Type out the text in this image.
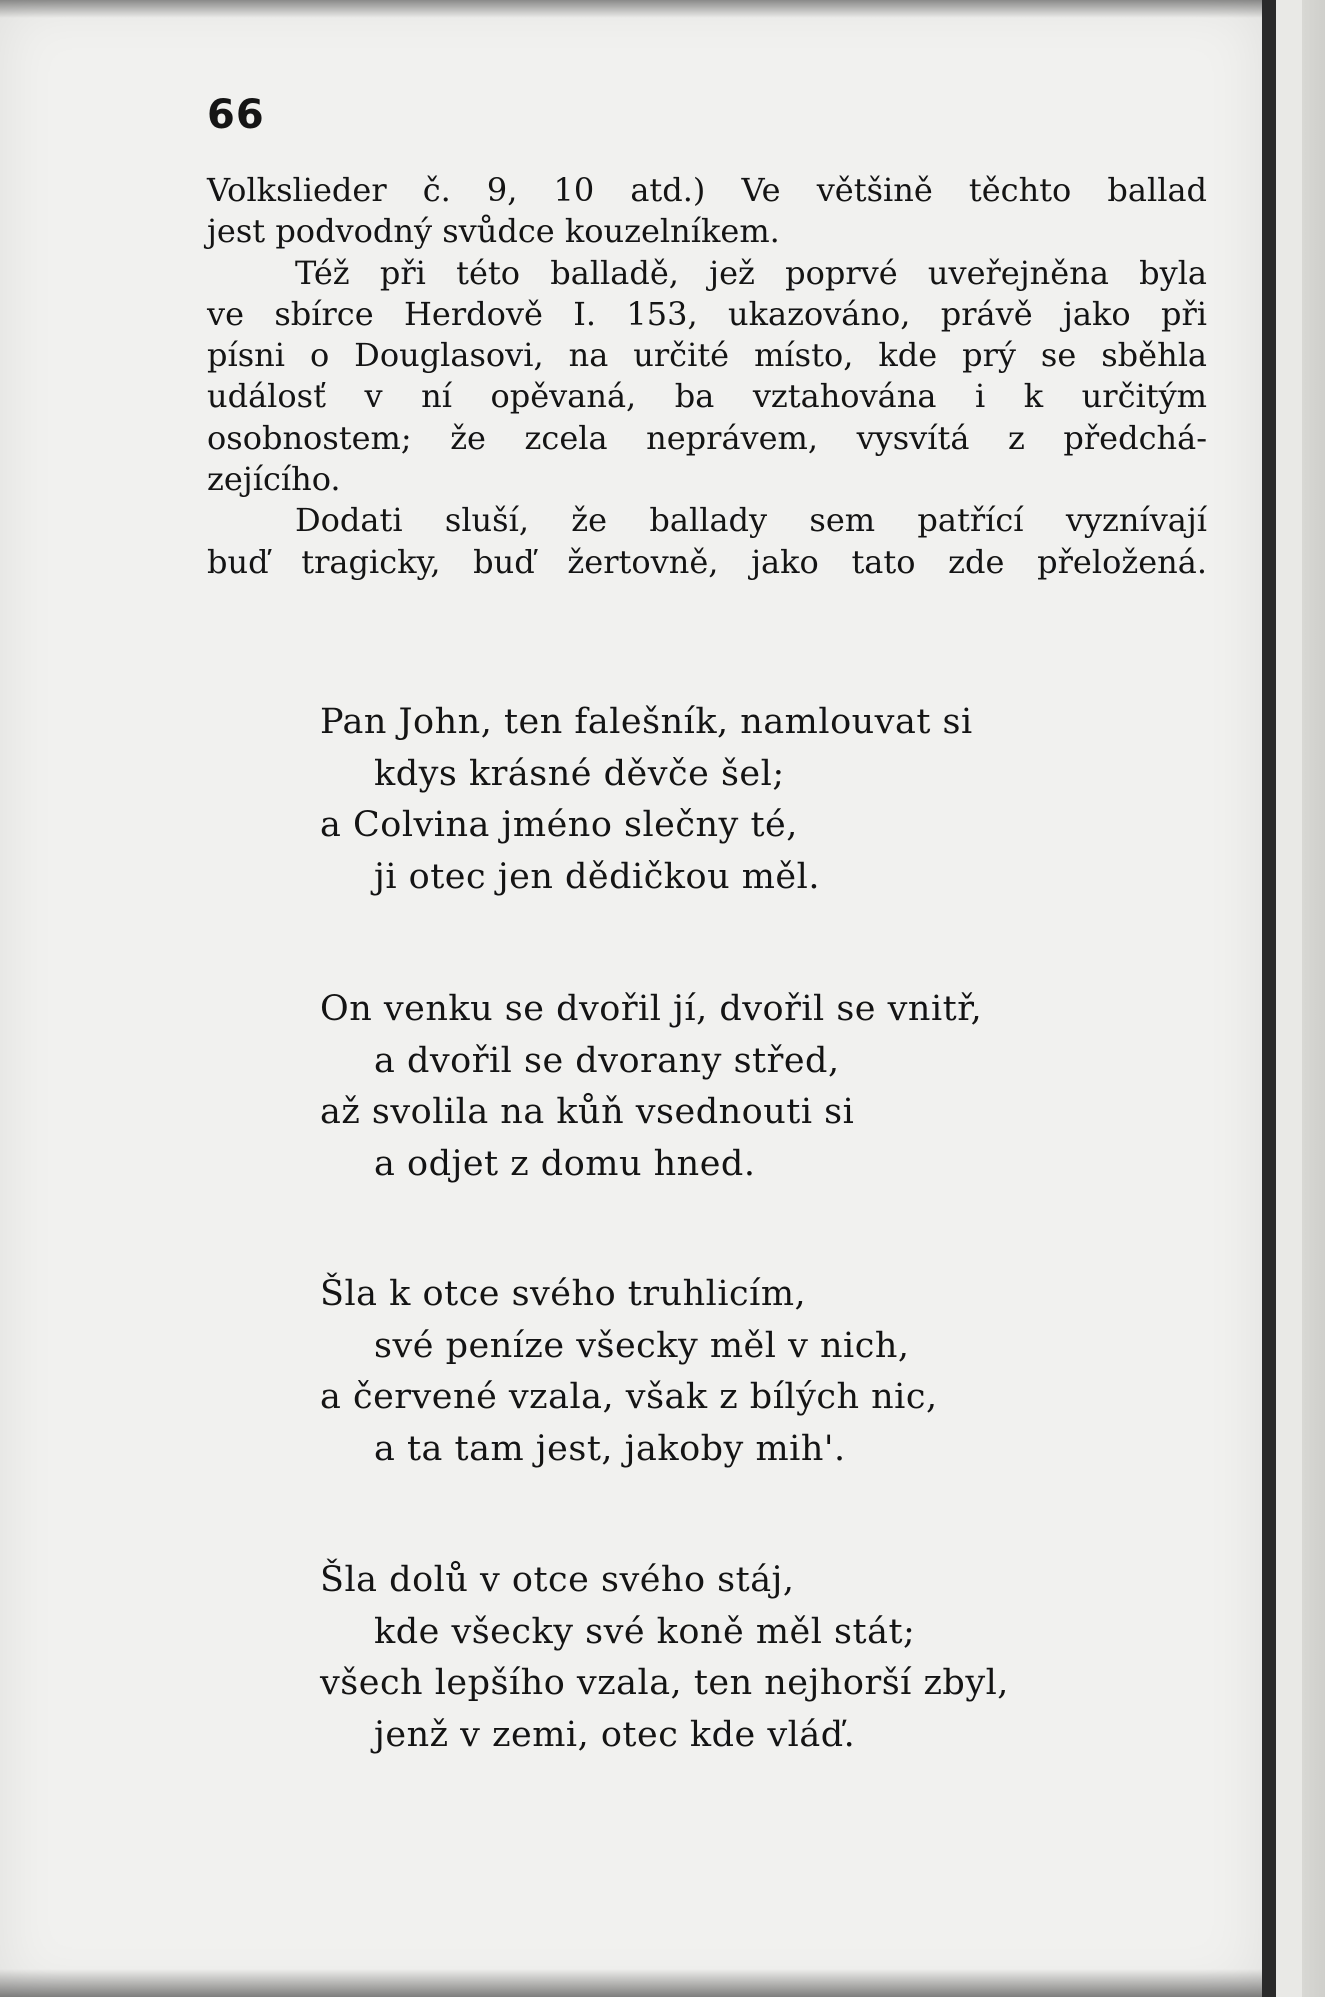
66
Volkslieder č. 9, 10 atd.) Ve většině těchto ballad
jest podvodný svůdce kouzelníkem.
Též při této balladě, jež poprvé uveřejněna byla
ve sbírce Herdově I. 153, ukazováno, právě jako při
písni o Douglasovi, na určité místo, kde prý se sběhla
událosť v ní opěvaná, ba vztahována i k určitým
osobnostem; že zcela neprávem, vysvítá z předchá-
zejícího.
Dodati sluší, že ballady sem patřící vyznívají
buď tragicky, buď žertovně, jako tato zde přeložená.
Pan John, ten falešník, namlouvat si
kdys krásné děvče šel;
a Colvina jméno slečny té,
ji otec jen dědičkou měl.
On venku se dvořil jí, dvořil se vnitř,
a dvořil se dvorany střed,
až svolila na kůň vsednouti si
a odjet z domu hned.
Šla k otce svého truhlicím,
své peníze všecky měl v nich,
a červené vzala, však z bílých nic,
a ta tam jest, jakoby mih'.
Šla dolů v otce svého stáj,
kde všecky své koně měl stát;
všech lepšího vzala, ten nejhorší zbyl,
jenž v zemi, otec kde vláď.
